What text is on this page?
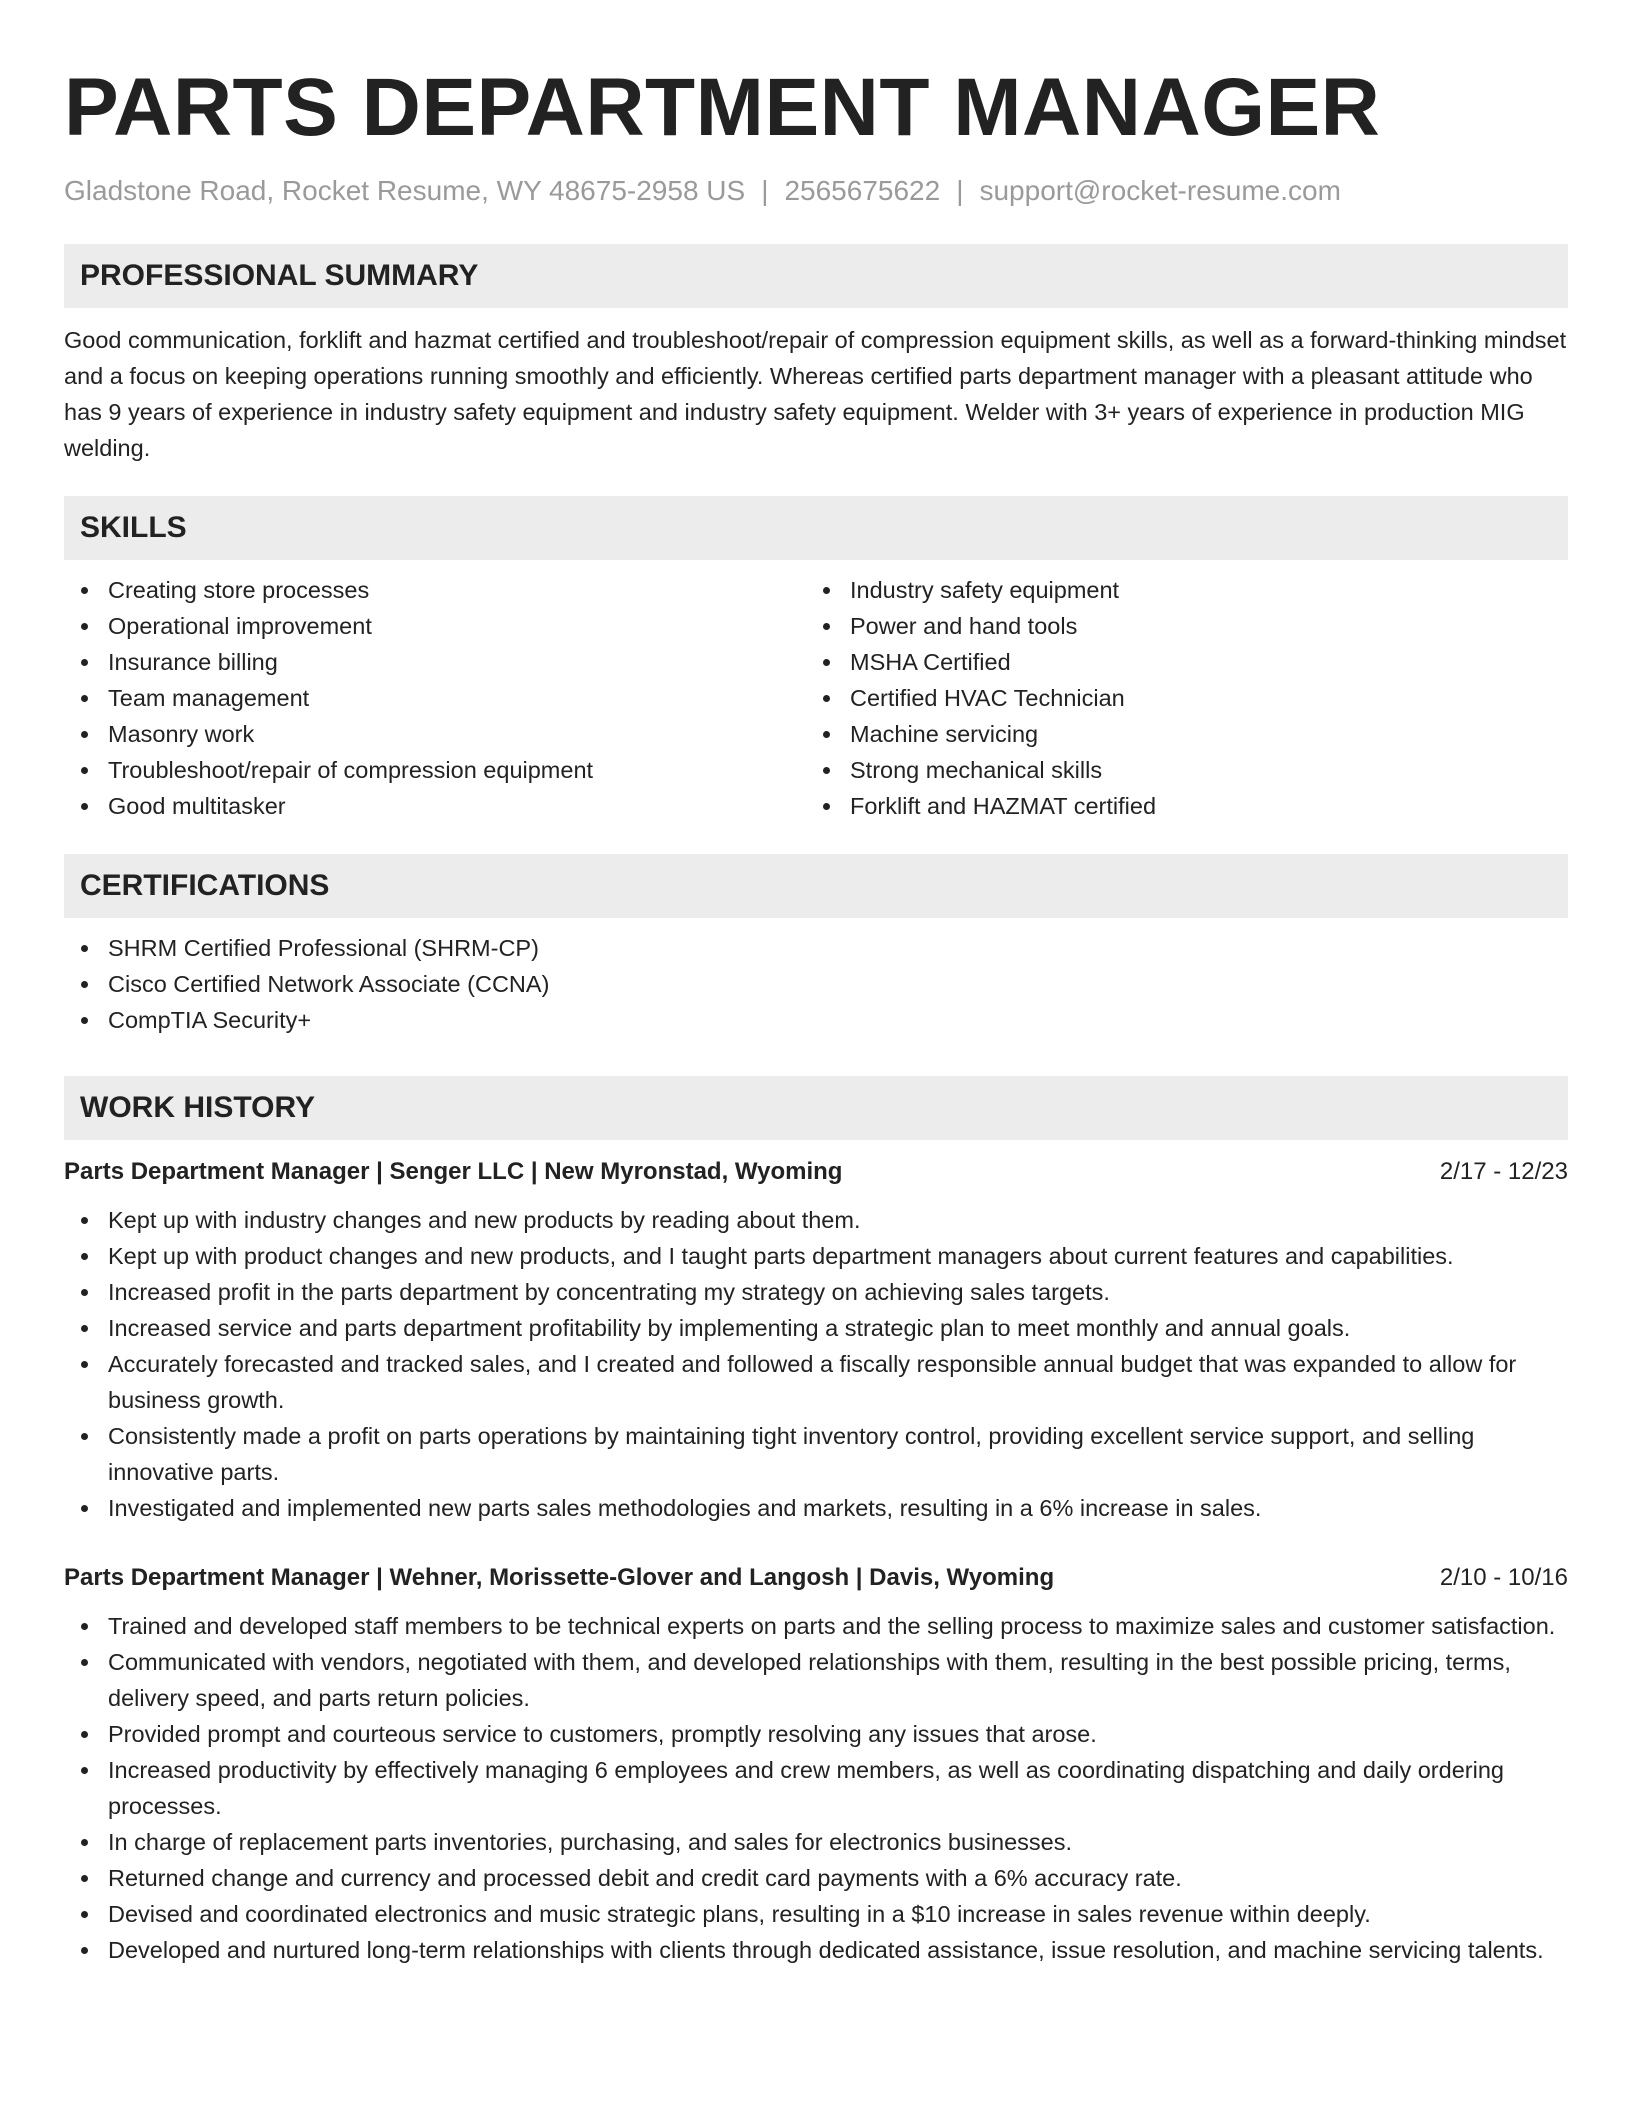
PARTS DEPARTMENT MANAGER
Gladstone Road, Rocket Resume, WY 48675-2958 US | 2565675622 | support@rocket-resume.com
PROFESSIONAL SUMMARY

Good communication, forklift and hazmat certified and troubleshoot/repair of compression equipment skills, as well as a forward-thinking mindset and a focus on keeping operations running smoothly and efficiently. Whereas certified parts department manager with a pleasant attitude who has 9 years of experience in industry safety equipment and industry safety equipment. Welder with 3+ years of experience in production MIG welding.

SKILLS
Creating store processes
Operational improvement
Insurance billing
Team management
Masonry work
Troubleshoot/repair of compression equipment
Good multitasker
Industry safety equipment
Power and hand tools
MSHA Certified
Certified HVAC Technician
Machine servicing
Strong mechanical skills
Forklift and HAZMAT certified
CERTIFICATIONS
SHRM Certified Professional (SHRM-CP)
Cisco Certified Network Associate (CCNA)
CompTIA Security+
WORK HISTORY
Parts Department Manager | Senger LLC | New Myronstad, Wyoming	2/17 - 12/23
Kept up with industry changes and new products by reading about them.
Kept up with product changes and new products, and I taught parts department managers about current features and capabilities.
Increased profit in the parts department by concentrating my strategy on achieving sales targets.
Increased service and parts department profitability by implementing a strategic plan to meet monthly and annual goals.
Accurately forecasted and tracked sales, and I created and followed a fiscally responsible annual budget that was expanded to allow for business growth.
Consistently made a profit on parts operations by maintaining tight inventory control, providing excellent service support, and selling innovative parts.
Investigated and implemented new parts sales methodologies and markets, resulting in a 6% increase in sales.
Parts Department Manager | Wehner, Morissette-Glover and Langosh | Davis, Wyoming	2/10 - 10/16
Trained and developed staff members to be technical experts on parts and the selling process to maximize sales and customer satisfaction.
Communicated with vendors, negotiated with them, and developed relationships with them, resulting in the best possible pricing, terms, delivery speed, and parts return policies.
Provided prompt and courteous service to customers, promptly resolving any issues that arose.
Increased productivity by effectively managing 6 employees and crew members, as well as coordinating dispatching and daily ordering processes.
In charge of replacement parts inventories, purchasing, and sales for electronics businesses.
Returned change and currency and processed debit and credit card payments with a 6% accuracy rate.
Devised and coordinated electronics and music strategic plans, resulting in a $10 increase in sales revenue within deeply.
Developed and nurtured long-term relationships with clients through dedicated assistance, issue resolution, and machine servicing talents.
